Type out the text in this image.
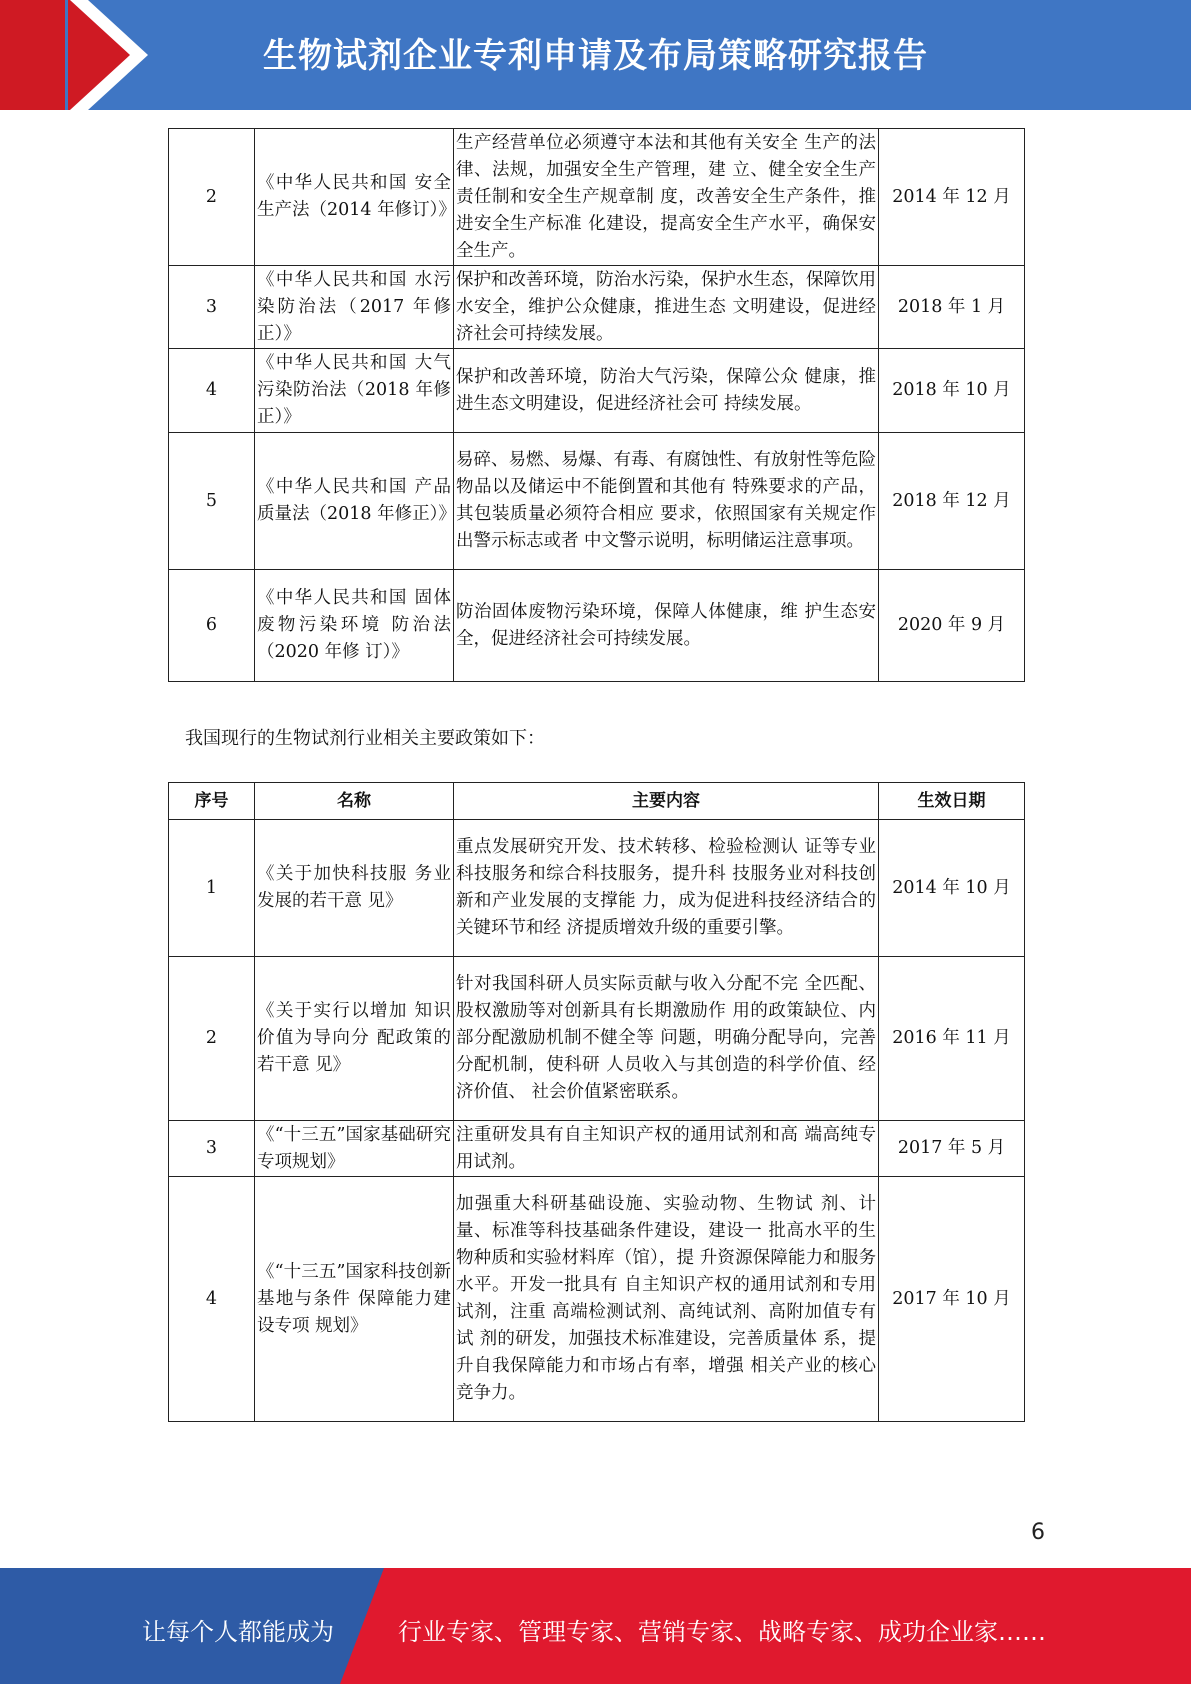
生物试剂企业专利申请及布局策略研究报告
2	《中华人民共和国 安全生产法（2014 年修订）》	生产经营单位必须遵守本法和其他有关安全 生产的法律、法规，加强安全生产管理，建 立、健全安全生产责任制和安全生产规章制 度，改善安全生产条件，推进安全生产标准 化建设，提高安全生产水平，确保安全生产。	2014 年 12 月
3	《中华人民共和国 水污染防治法（2017 年修正）》	保护和改善环境，防治水污染，保护水生态，保障饮用水安全，维护公众健康，推进生态 文明建设，促进经济社会可持续发展。	2018 年 1 月
4	《中华人民共和国 大气污染防治法（2018 年修正）》	保护和改善环境，防治大气污染，保障公众 健康，推进生态文明建设，促进经济社会可 持续发展。	2018 年 10 月
5	《中华人民共和国 产品质量法（2018 年修正）》	易碎、易燃、易爆、有毒、有腐蚀性、有放射性等危险物品以及储运中不能倒置和其他有 特殊要求的产品，其包装质量必须符合相应 要求，依照国家有关规定作出警示标志或者 中文警示说明，标明储运注意事项。	2018 年 12 月
6	《中华人民共和国 固体废物污染环境 防治法（2020 年修 订）》	防治固体废物污染环境，保障人体健康，维 护生态安全，促进经济社会可持续发展。	2020 年 9 月
我国现行的生物试剂行业相关主要政策如下：
序号	名称	主要内容	生效日期
1	《关于加快科技服 务业发展的若干意 见》	重点发展研究开发、技术转移、检验检测认 证等专业科技服务和综合科技服务，提升科 技服务业对科技创新和产业发展的支撑能 力，成为促进科技经济结合的关键环节和经 济提质增效升级的重要引擎。	2014 年 10 月
2	《关于实行以增加 知识价值为导向分 配政策的若干意 见》	针对我国科研人员实际贡献与收入分配不完 全匹配、股权激励等对创新具有长期激励作 用的政策缺位、内部分配激励机制不健全等 问题，明确分配导向，完善分配机制，使科研 人员收入与其创造的科学价值、经济价值、 社会价值紧密联系。	2016 年 11 月
3	《“十三五”国家基础研究专项规划》	注重研发具有自主知识产权的通用试剂和高 端高纯专用试剂。	2017 年 5 月
4	《“十三五”国家科技创新基地与条件 保障能力建设专项 规划》	加强重大科研基础设施、实验动物、生物试 剂、计量、标准等科技基础条件建设，建设一 批高水平的生物种质和实验材料库（馆），提 升资源保障能力和服务水平。开发一批具有 自主知识产权的通用试剂和专用试剂，注重 高端检测试剂、高纯试剂、高附加值专有试 剂的研发，加强技术标准建设，完善质量体 系，提升自我保障能力和市场占有率，增强 相关产业的核心竞争力。	2017 年 10 月
6
让每个人都能成为	行业专家、管理专家、营销专家、战略专家、成功企业家……
